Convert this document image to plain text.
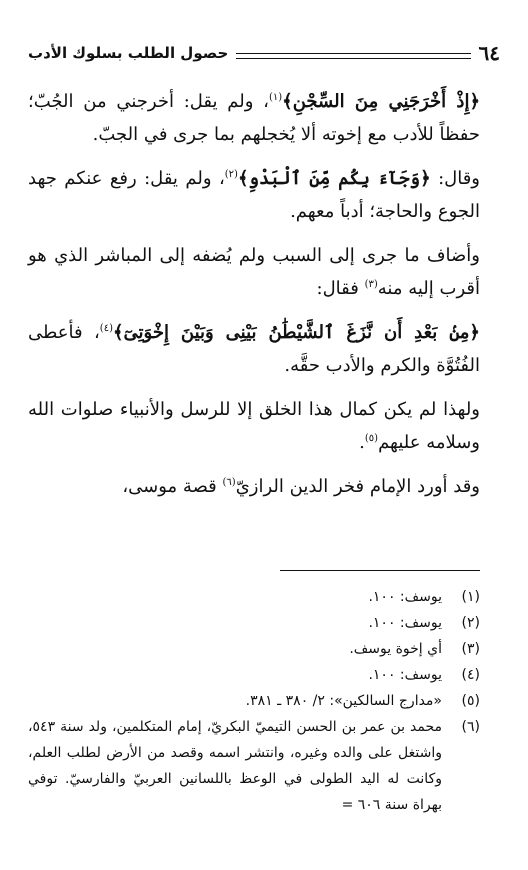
٦٤
حصول الطلب بسلوك الأدب

﴿إِذْ أَخْرَجَنِي مِنَ السِّجْنِ﴾$^{(١)}$، ولم يقل: أخرجني من الجُبّ؛ حفظاً للأدب مع إخوته ألا يُخجلهم بما جرى في الجبّ.

وقال: ﴿وَجَآءَ بِكُم مِّنَ ٱلْبَدْوِ﴾$^{(٢)}$، ولم يقل: رفع عنكم جهد الجوع والحاجة؛ أدباً معهم.

وأضاف ما جرى إلى السبب ولم يُضفه إلى المباشر الذي هو أقرب إليه منه$^{(٣)}$ فقال:

﴿مِنۢ بَعْدِ أَن نَّزَغَ ٱلشَّيْطَٰنُ بَيْنِى وَبَيْنَ إِخْوَتِىٓ﴾$^{(٤)}$، فأعطى الفُتُوَّة والكرم والأدب حقَّه.

ولهذا لم يكن كمال هذا الخلق إلا للرسل والأنبياء صلوات الله وسلامه عليهم$^{(٥)}$.

وقد أورد الإمام فخر الدين الرازيّ$^{(٦)}$ قصة موسى،

(١)
يوسف: ١٠٠.
(٢)
يوسف: ١٠٠.
(٣)
أي إخوة يوسف.
(٤)
يوسف: ١٠٠.
(٥)
«مدارج السالكين»: ٢/ ٣٨٠ ـ ٣٨١.
(٦)
محمد بن عمر بن الحسن التيميّ البكريّ، إمام المتكلمين، ولد سنة ٥٤٣، واشتغل على والده وغيره، وانتشر اسمه وقصد من الأرض لطلب العلم، وكانت له اليد الطولى في الوعظ باللسانين العربيّ والفارسيّ. توفي بهراة سنة ٦٠٦ =
